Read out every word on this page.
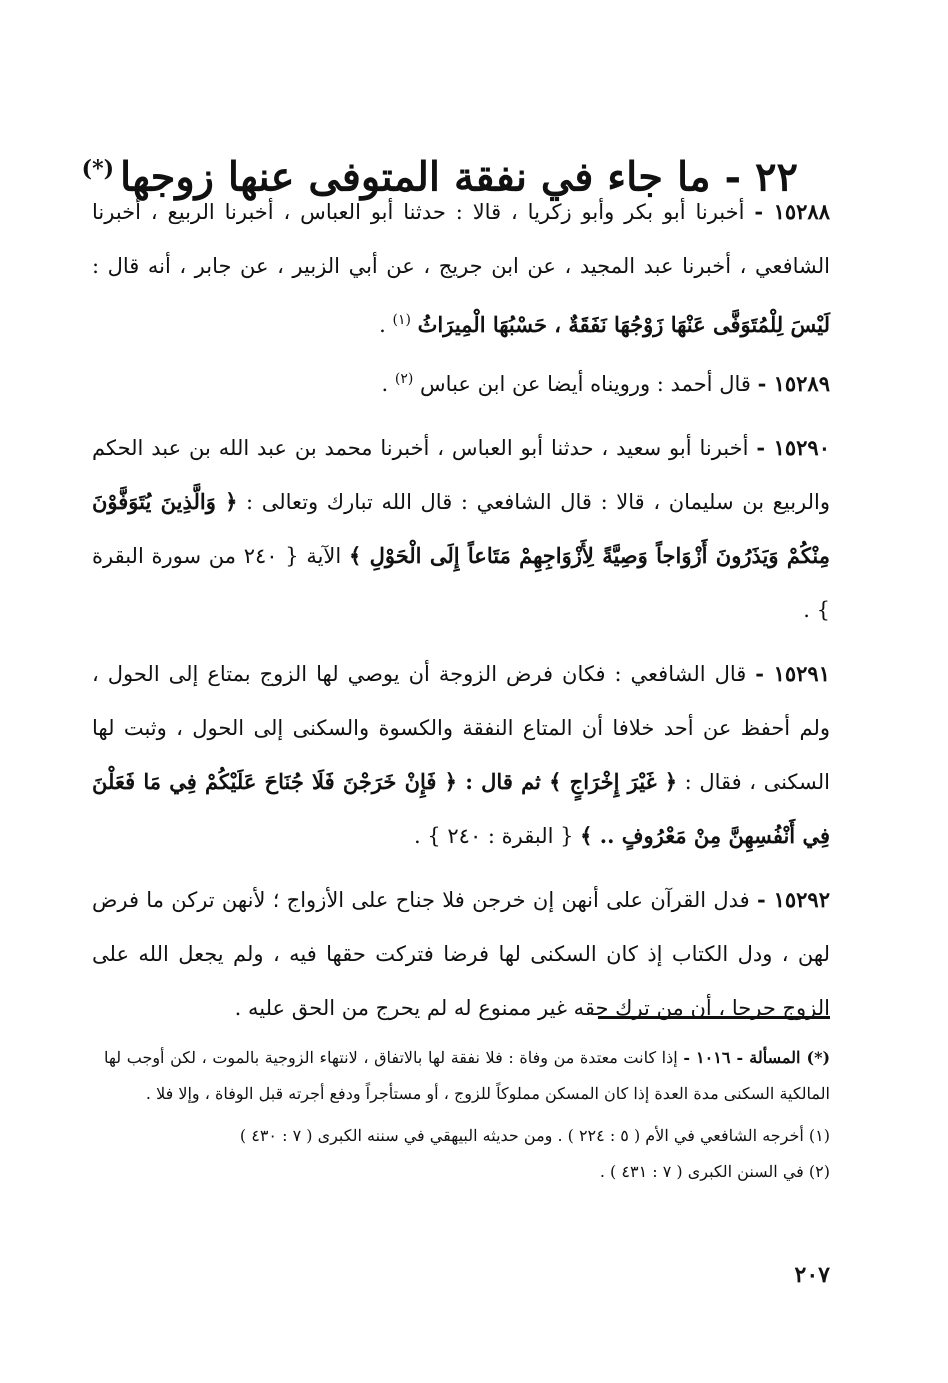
٢٢ - ما جاء في نفقة المتوفى عنها زوجها(*)

١٥٢٨٨ - أخبرنا أبو بكر وأبو زكريا ، قالا : حدثنا أبو العباس ، أخبرنا الربيع ، أخبرنا الشافعي ، أخبرنا عبد المجيد ، عن ابن جريج ، عن أبي الزبير ، عن جابر ، أنه قال : لَيْسَ لِلْمُتَوَفَّى عَنْهَا زَوْجُهَا نَفَقَةٌ ، حَسْبُهَا الْمِيرَاثُ $^{(١)}$ .

١٥٢٨٩ - قال أحمد : ورويناه أيضا عن ابن عباس $^{(٢)}$ .

١٥٢٩٠ - أخبرنا أبو سعيد ، حدثنا أبو العباس ، أخبرنا محمد بن عبد الله بن عبد الحكم والربيع بن سليمان ، قالا : قال الشافعي : قال الله تبارك وتعالى : ﴿ وَالَّذِينَ يُتَوَفَّوْنَ مِنْكُمْ وَيَذَرُونَ أَزْوَاجاً وَصِيَّةً لِأَزْوَاجِهِمْ مَتَاعاً إِلَى الْحَوْلِ ﴾ الآية { ٢٤٠ من سورة البقرة } .

١٥٢٩١ - قال الشافعي : فكان فرض الزوجة أن يوصي لها الزوج بمتاع إلى الحول ، ولم أحفظ عن أحد خلافا أن المتاع النفقة والكسوة والسكنى إلى الحول ، وثبت لها السكنى ، فقال : ﴿ غَيْرَ إِخْرَاجٍ ﴾ ثم قال : ﴿ فَإِنْ خَرَجْنَ فَلَا جُنَاحَ عَلَيْكُمْ فِي مَا فَعَلْنَ فِي أَنْفُسِهِنَّ مِنْ مَعْرُوفٍ .. ﴾ { البقرة : ٢٤٠ } .

١٥٢٩٢ - فدل القرآن على أنهن إن خرجن فلا جناح على الأزواج ؛ لأنهن تركن ما فرض لهن ، ودل الكتاب إذ كان السكنى لها فرضا فتركت حقها فيه ، ولم يجعل الله على الزوج حرجا ، أن من ترك حقه غير ممنوع له لم يحرج من الحق عليه .

(*) المسألة - ١٠١٦ - إذا كانت معتدة من وفاة : فلا نفقة لها بالاتفاق ، لانتهاء الزوجية بالموت ، لكن أوجب لها المالكية السكنى مدة العدة إذا كان المسكن مملوكاً للزوج ، أو مستأجراً ودفع أجرته قبل الوفاة ، وإلا فلا .

(١) أخرجه الشافعي في الأم ( ٥ : ٢٢٤ ) . ومن حديثه البيهقي في سننه الكبرى ( ٧ : ٤٣٠ )

(٢) في السنن الكبرى ( ٧ : ٤٣١ ) .

٢٠٧
